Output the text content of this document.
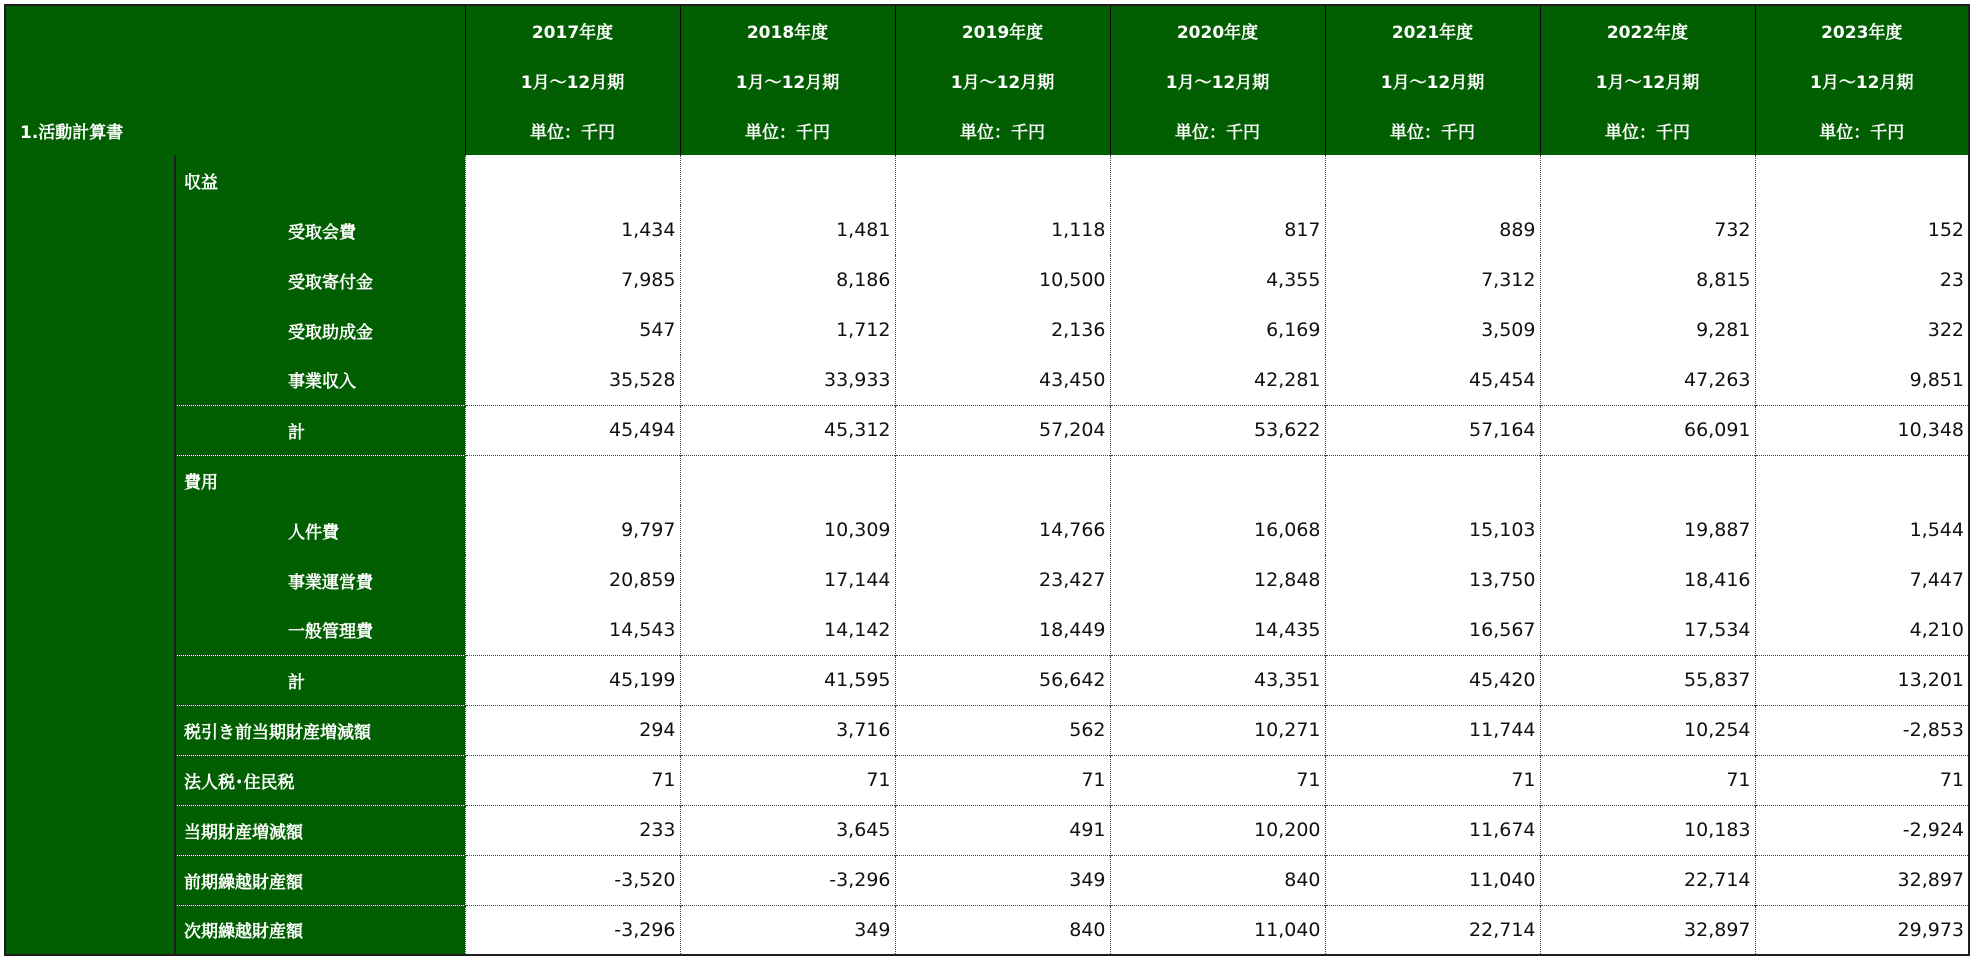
		2017年度	2018年度	2019年度	2020年度	2021年度	2022年度	2023年度
		1月～12月期	1月～12月期	1月～12月期	1月～12月期	1月～12月期	1月～12月期	1月～12月期
1.活動計算書		単位：千円	単位：千円	単位：千円	単位：千円	単位：千円	単位：千円	単位：千円
	収益							
	受取会費	1,434	1,481	1,118	817	889	732	152
	受取寄付金	7,985	8,186	10,500	4,355	7,312	8,815	23
	受取助成金	547	1,712	2,136	6,169	3,509	9,281	322
	事業収入	35,528	33,933	43,450	42,281	45,454	47,263	9,851
	計	45,494	45,312	57,204	53,622	57,164	66,091	10,348
	費用							
	人件費	9,797	10,309	14,766	16,068	15,103	19,887	1,544
	事業運営費	20,859	17,144	23,427	12,848	13,750	18,416	7,447
	一般管理費	14,543	14,142	18,449	14,435	16,567	17,534	4,210
	計	45,199	41,595	56,642	43,351	45,420	55,837	13,201
	税引き前当期財産増減額	294	3,716	562	10,271	11,744	10,254	-2,853
	法人税･住民税	71	71	71	71	71	71	71
	当期財産増減額	233	3,645	491	10,200	11,674	10,183	-2,924
	前期繰越財産額	-3,520	-3,296	349	840	11,040	22,714	32,897
	次期繰越財産額	-3,296	349	840	11,040	22,714	32,897	29,973
